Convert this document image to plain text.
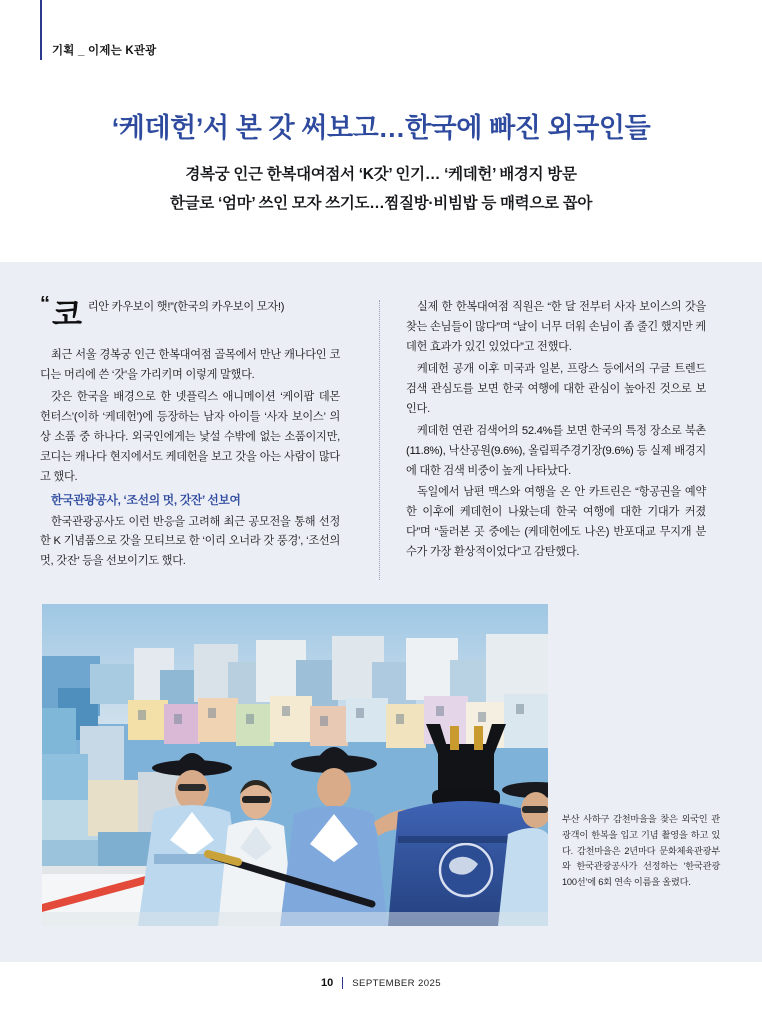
기획 _ 이제는 K관광
‘케데헌’서 본 갓 써보고…한국에 빠진 외국인들
경복궁 인근 한복대여점서 ‘K갓’ 인기… ‘케데헌’ 배경지 방문
한글로 ‘엄마’ 쓰인 모자 쓰기도…찜질방·비빔밥 등 매력으로 꼽아

“ 코 리안 카우보이 햇!”(한국의 카우보이 모자!)

최근 서울 경복궁 인근 한복대여점 골목에서 만난 캐나다인 코디는 머리에 쓴 ‘갓’을 가리키며 이렇게 말했다.

갓은 한국을 배경으로 한 넷플릭스 애니메이션 ‘케이팝 데몬 헌터스’(이하 ‘케데헌’)에 등장하는 남자 아이들 ‘사자 보이스’ 의상 소품 중 하나다. 외국인에게는 낯설 수밖에 없는 소품이지만, 코디는 캐나다 현지에서도 케데헌을 보고 갓을 아는 사람이 많다고 했다.

한국관광공사, ‘조선의 멋, 갓잔’ 선보여

한국관광공사도 이런 반응을 고려해 최근 공모전을 통해 선정한 K 기념품으로 갓을 모티브로 한 ‘이리 오너라 갓 풍경’, ‘조선의 멋, 갓잔’ 등을 선보이기도 했다.

실제 한 한복대여점 직원은 “한 달 전부터 사자 보이스의 갓을 찾는 손님들이 많다”며 “날이 너무 더워 손님이 좀 줄긴 했지만 케데헌 효과가 있긴 있었다”고 전했다.

케데헌 공개 이후 미국과 일본, 프랑스 등에서의 구글 트렌드 검색 관심도를 보면 한국 여행에 대한 관심이 높아진 것으로 보인다.

케데헌 연관 검색어의 52.4%를 보면 한국의 특정 장소로 북촌(11.8%), 낙산공원(9.6%), 올림픽주경기장(9.6%) 등 실제 배경지에 대한 검색 비중이 높게 나타났다.

독일에서 남편 맥스와 여행을 온 안 카트린은 “항공권을 예약한 이후에 케데헌이 나왔는데 한국 여행에 대한 기대가 커졌다”며 “둘러본 곳 중에는 (케데헌에도 나온) 반포대교 무지개 분수가 가장 환상적이었다”고 감탄했다.

부산 사하구 감천마을을 찾은 외국인 관광객이 한복을 입고 기념 촬영을 하고 있다. 감천마을은 2년마다 문화체육관광부와 한국관광공사가 선정하는 ‘한국관광 100선’에 6회 연속 이름을 올렸다.
10 SEPTEMBER 2025
